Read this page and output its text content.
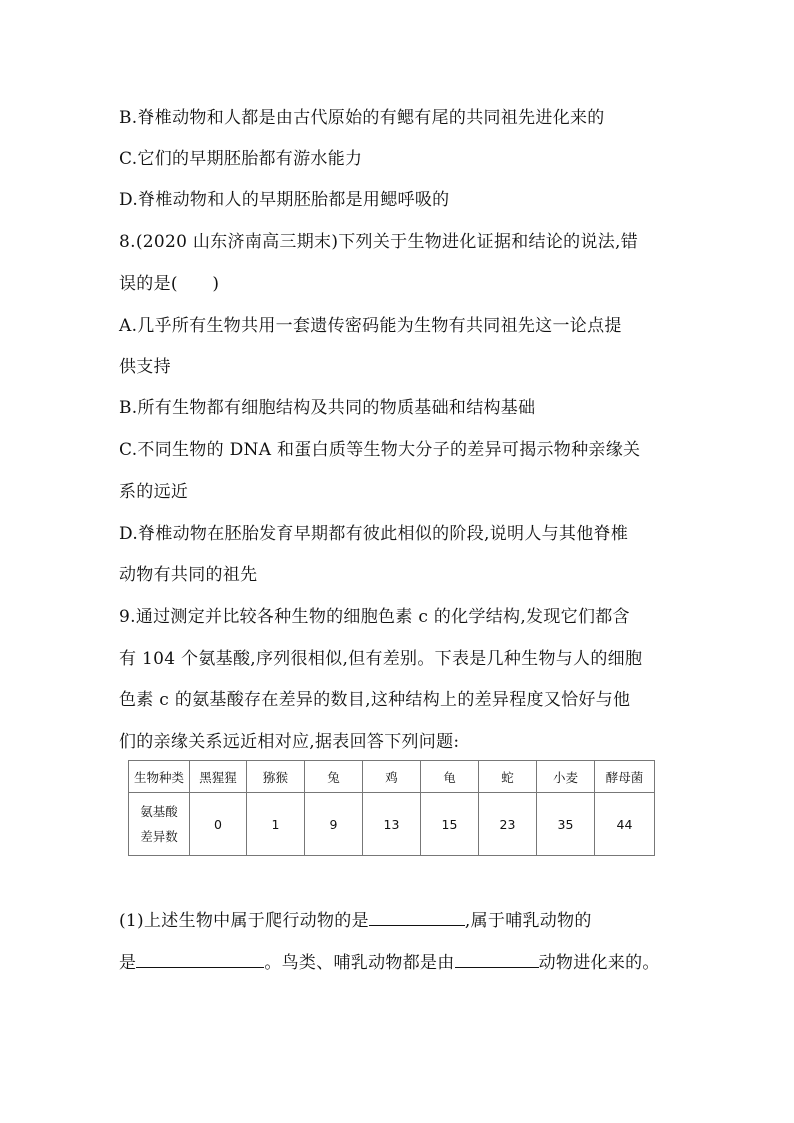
B.脊椎动物和人都是由古代原始的有鳃有尾的共同祖先进化来的
C.它们的早期胚胎都有游水能力
D.脊椎动物和人的早期胚胎都是用鳃呼吸的
8.(2020 山东济南高三期末)下列关于生物进化证据和结论的说法,错
误的是(　　)
A.几乎所有生物共用一套遗传密码能为生物有共同祖先这一论点提
供支持
B.所有生物都有细胞结构及共同的物质基础和结构基础
C.不同生物的 DNA 和蛋白质等生物大分子的差异可揭示物种亲缘关
系的远近
D.脊椎动物在胚胎发育早期都有彼此相似的阶段,说明人与其他脊椎
动物有共同的祖先
9.通过测定并比较各种生物的细胞色素 c 的化学结构,发现它们都含
有 104 个氨基酸,序列很相似,但有差别。下表是几种生物与人的细胞
色素 c 的氨基酸存在差异的数目,这种结构上的差异程度又恰好与他
们的亲缘关系远近相对应,据表回答下列问题:
生物种类	黑猩猩	猕猴	兔	鸡	龟	蛇	小麦	酵母菌

氨基酸
差异数	0	1	9	13	15	23	35	44
(1)上述生物中属于爬行动物的是	,属于哺乳动物的
是	。鸟类、哺乳动物都是由	动物进化来的。
